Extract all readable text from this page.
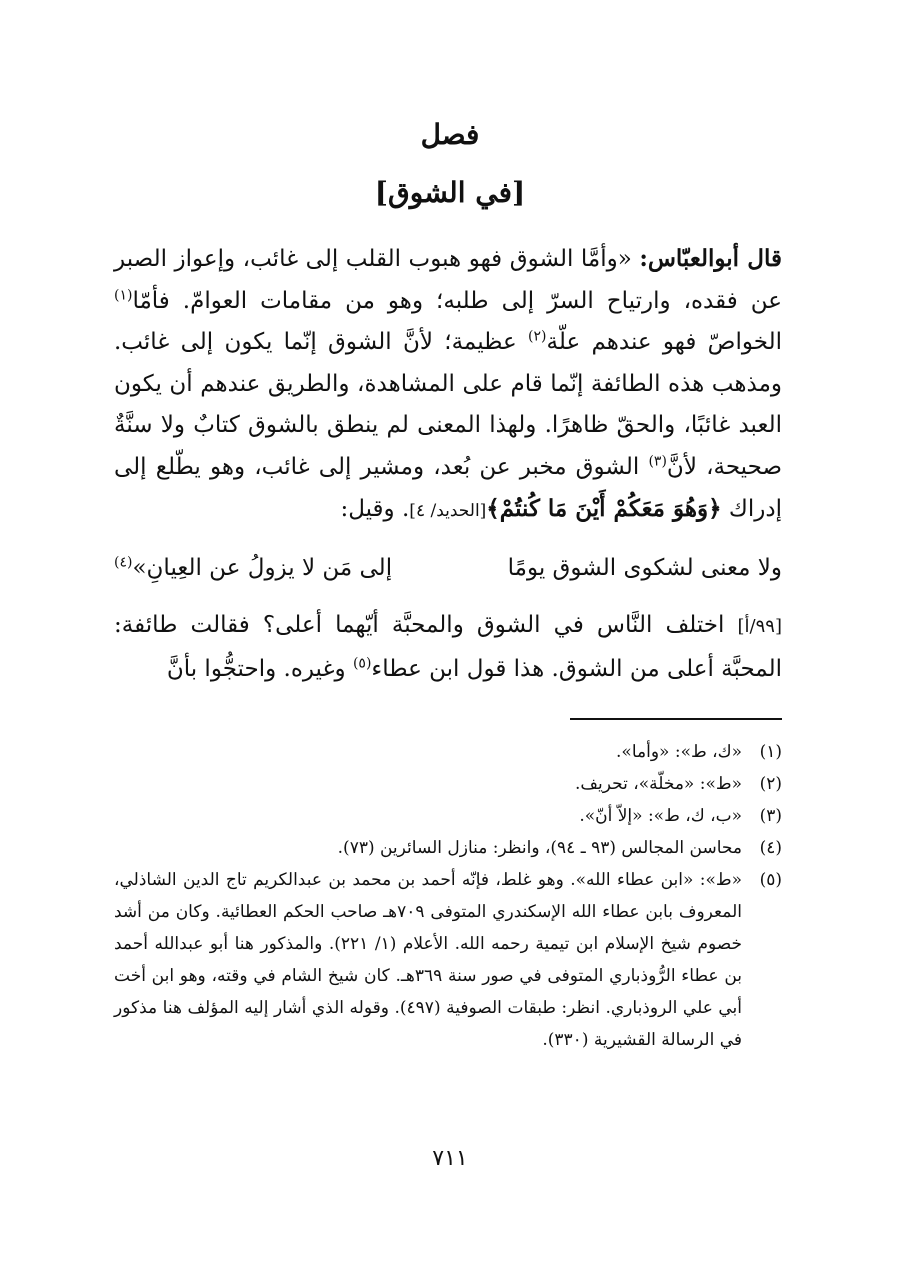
فصل
[في الشوق]

قال أبوالعبّاس: «وأمَّا الشوق فهو هبوب القلب إلى غائب، وإعواز الصبر عن فقده، وارتياح السرّ إلى طلبه؛ وهو من مقامات العوامّ. فأمّا$^{(١)}$ الخواصّ فهو عندهم علّة$^{(٢)}$ عظيمة؛ لأنَّ الشوق إنّما يكون إلى غائب. ومذهب هذه الطائفة إنّما قام على المشاهدة، والطريق عندهم أن يكون العبد غائبًا، والحقّ ظاهرًا. ولهذا المعنى لم ينطق بالشوق كتابٌ ولا سنَّةٌ صحيحة، لأنَّ$^{(٣)}$ الشوق مخبر عن بُعد، ومشير إلى غائب، وهو يطّلع إلى إدراك ﴿وَهُوَ مَعَكُمْ أَيْنَ مَا كُنتُمْ﴾[الحديد/ ٤]. وقيل:

ولا معنى لشكوى الشوق يومًا
إلى مَن لا يزولُ عن العِيانِ»$^{(٤)}$

[٩٩/أ] اختلف النَّاس في الشوق والمحبَّة أيّهما أعلى؟ فقالت طائفة: المحبَّة أعلى من الشوق. هذا قول ابن عطاء$^{(٥)}$ وغيره. واحتجُّوا بأنَّ

(١)
«ك، ط»: «وأما».
(٢)
«ط»: «مخلّة»، تحريف.
(٣)
«ب، ك، ط»: «إلاّ أنّ».
(٤)
محاسن المجالس (٩٣ ـ ٩٤)، وانظر: منازل السائرين (٧٣).
(٥)
«ط»: «ابن عطاء الله». وهو غلط، فإنّه أحمد بن محمد بن عبدالكريم تاج الدين الشاذلي، المعروف بابن عطاء الله الإسكندري المتوفى ٧٠٩هـ صاحب الحكم العطائية. وكان من أشد خصوم شيخ الإسلام ابن تيمية رحمه الله. الأعلام (١/ ٢٢١). والمذكور هنا أبو عبدالله أحمد بن عطاء الرُّوذباري المتوفى في صور سنة ٣٦٩هـ. كان شيخ الشام في وقته، وهو ابن أخت أبي علي الروذباري. انظر: طبقات الصوفية (٤٩٧). وقوله الذي أشار إليه المؤلف هنا مذكور في الرسالة القشيرية (٣٣٠).
٧١١
